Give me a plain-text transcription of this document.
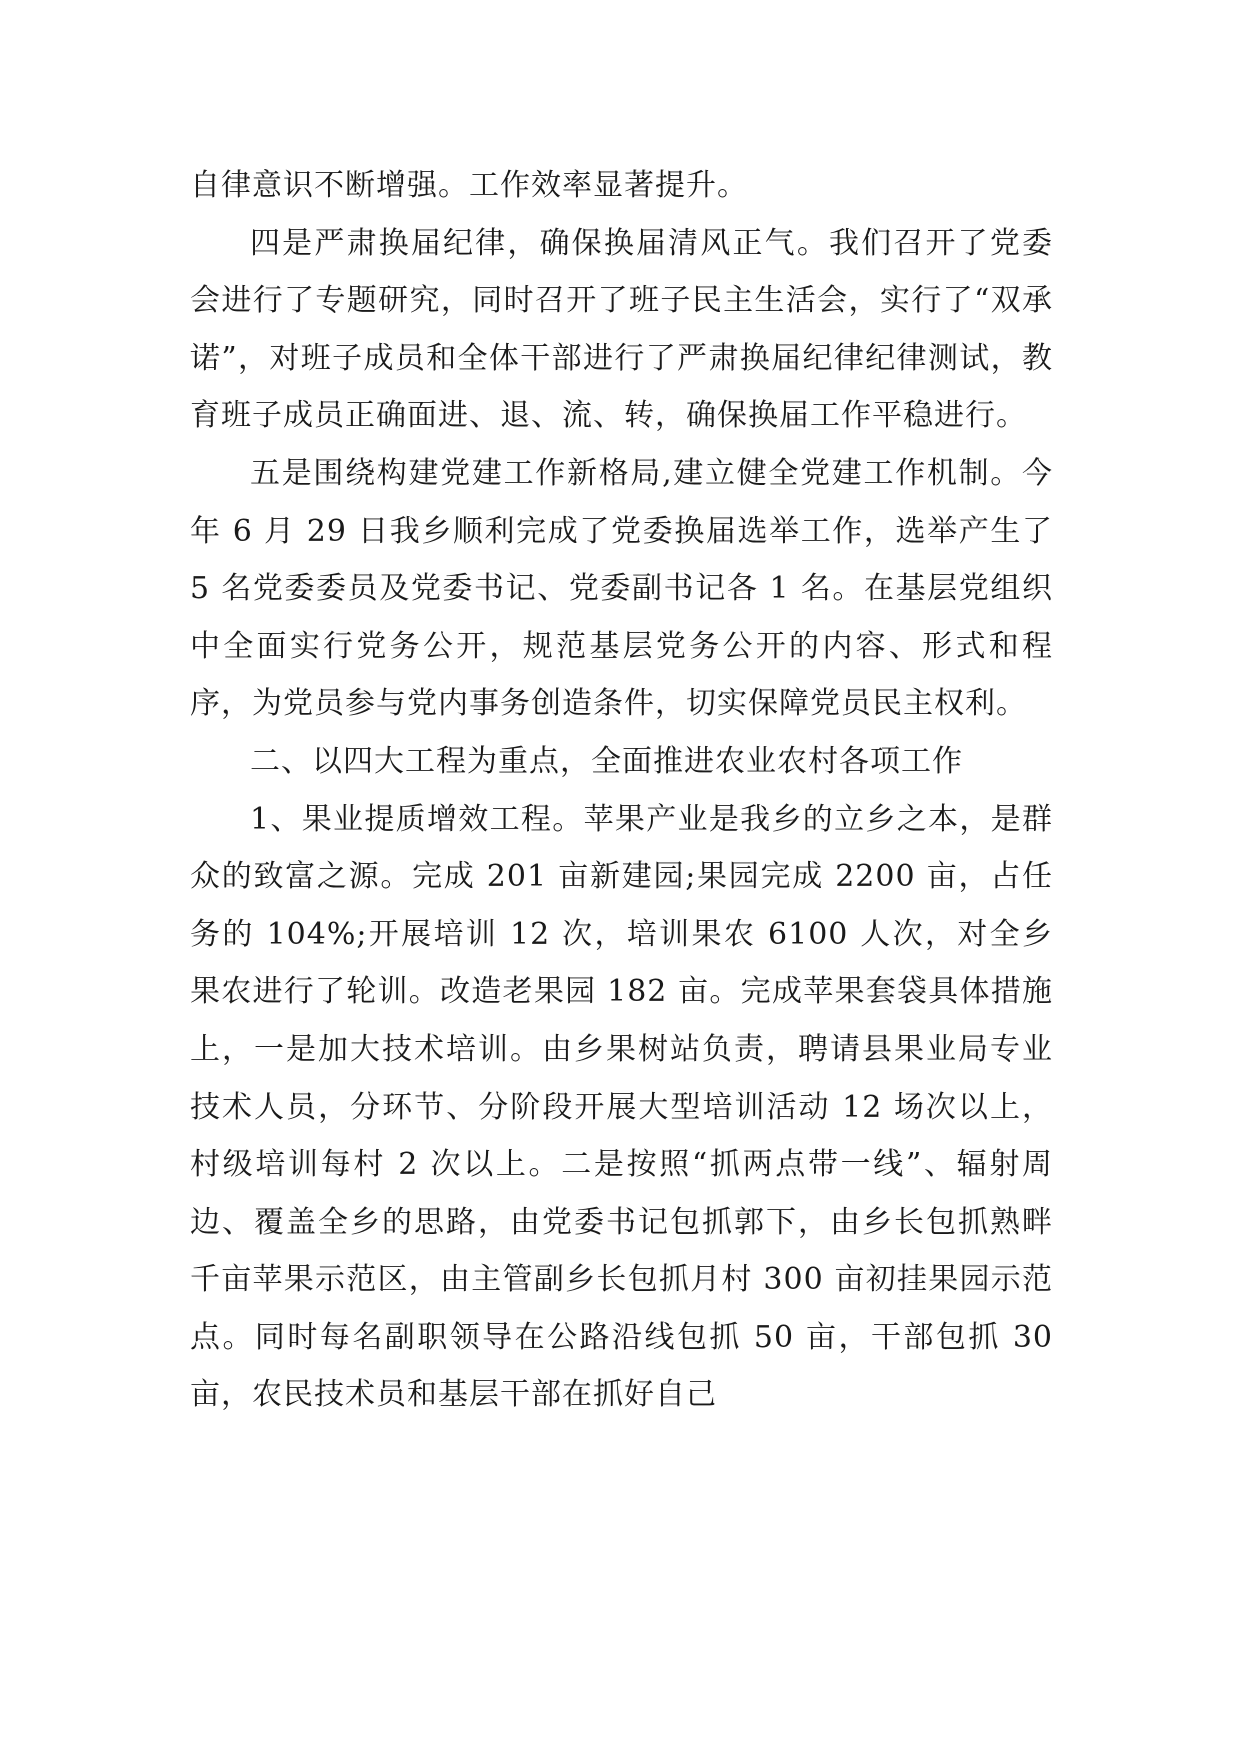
自律意识不断增强。工作效率显著提升。

四是严肃换届纪律，确保换届清风正气。我们召开了党委会进行了专题研究，同时召开了班子民主生活会，实行了“双承诺”，对班子成员和全体干部进行了严肃换届纪律纪律测试，教育班子成员正确面进、退、流、转，确保换届工作平稳进行。

五是围绕构建党建工作新格局,建立健全党建工作机制。今年 6 月 29 日我乡顺利完成了党委换届选举工作，选举产生了 5 名党委委员及党委书记、党委副书记各 1 名。在基层党组织中全面实行党务公开，规范基层党务公开的内容、形式和程序，为党员参与党内事务创造条件，切实保障党员民主权利。

二、以四大工程为重点，全面推进农业农村各项工作

1、果业提质增效工程。苹果产业是我乡的立乡之本，是群众的致富之源。完成 201 亩新建园;果园完成 2200 亩，占任务的 104%;开展培训 12 次，培训果农 6100 人次，对全乡果农进行了轮训。改造老果园 182 亩。完成苹果套袋具体措施上，一是加大技术培训。由乡果树站负责，聘请县果业局专业技术人员，分环节、分阶段开展大型培训活动 12 场次以上，村级培训每村 2 次以上。二是按照“抓两点带一线”、辐射周边、覆盖全乡的思路，由党委书记包抓郭下，由乡长包抓熟畔千亩苹果示范区，由主管副乡长包抓月村 300 亩初挂果园示范点。同时每名副职领导在公路沿线包抓 50 亩，干部包抓 30 亩，农民技术员和基层干部在抓好自己
